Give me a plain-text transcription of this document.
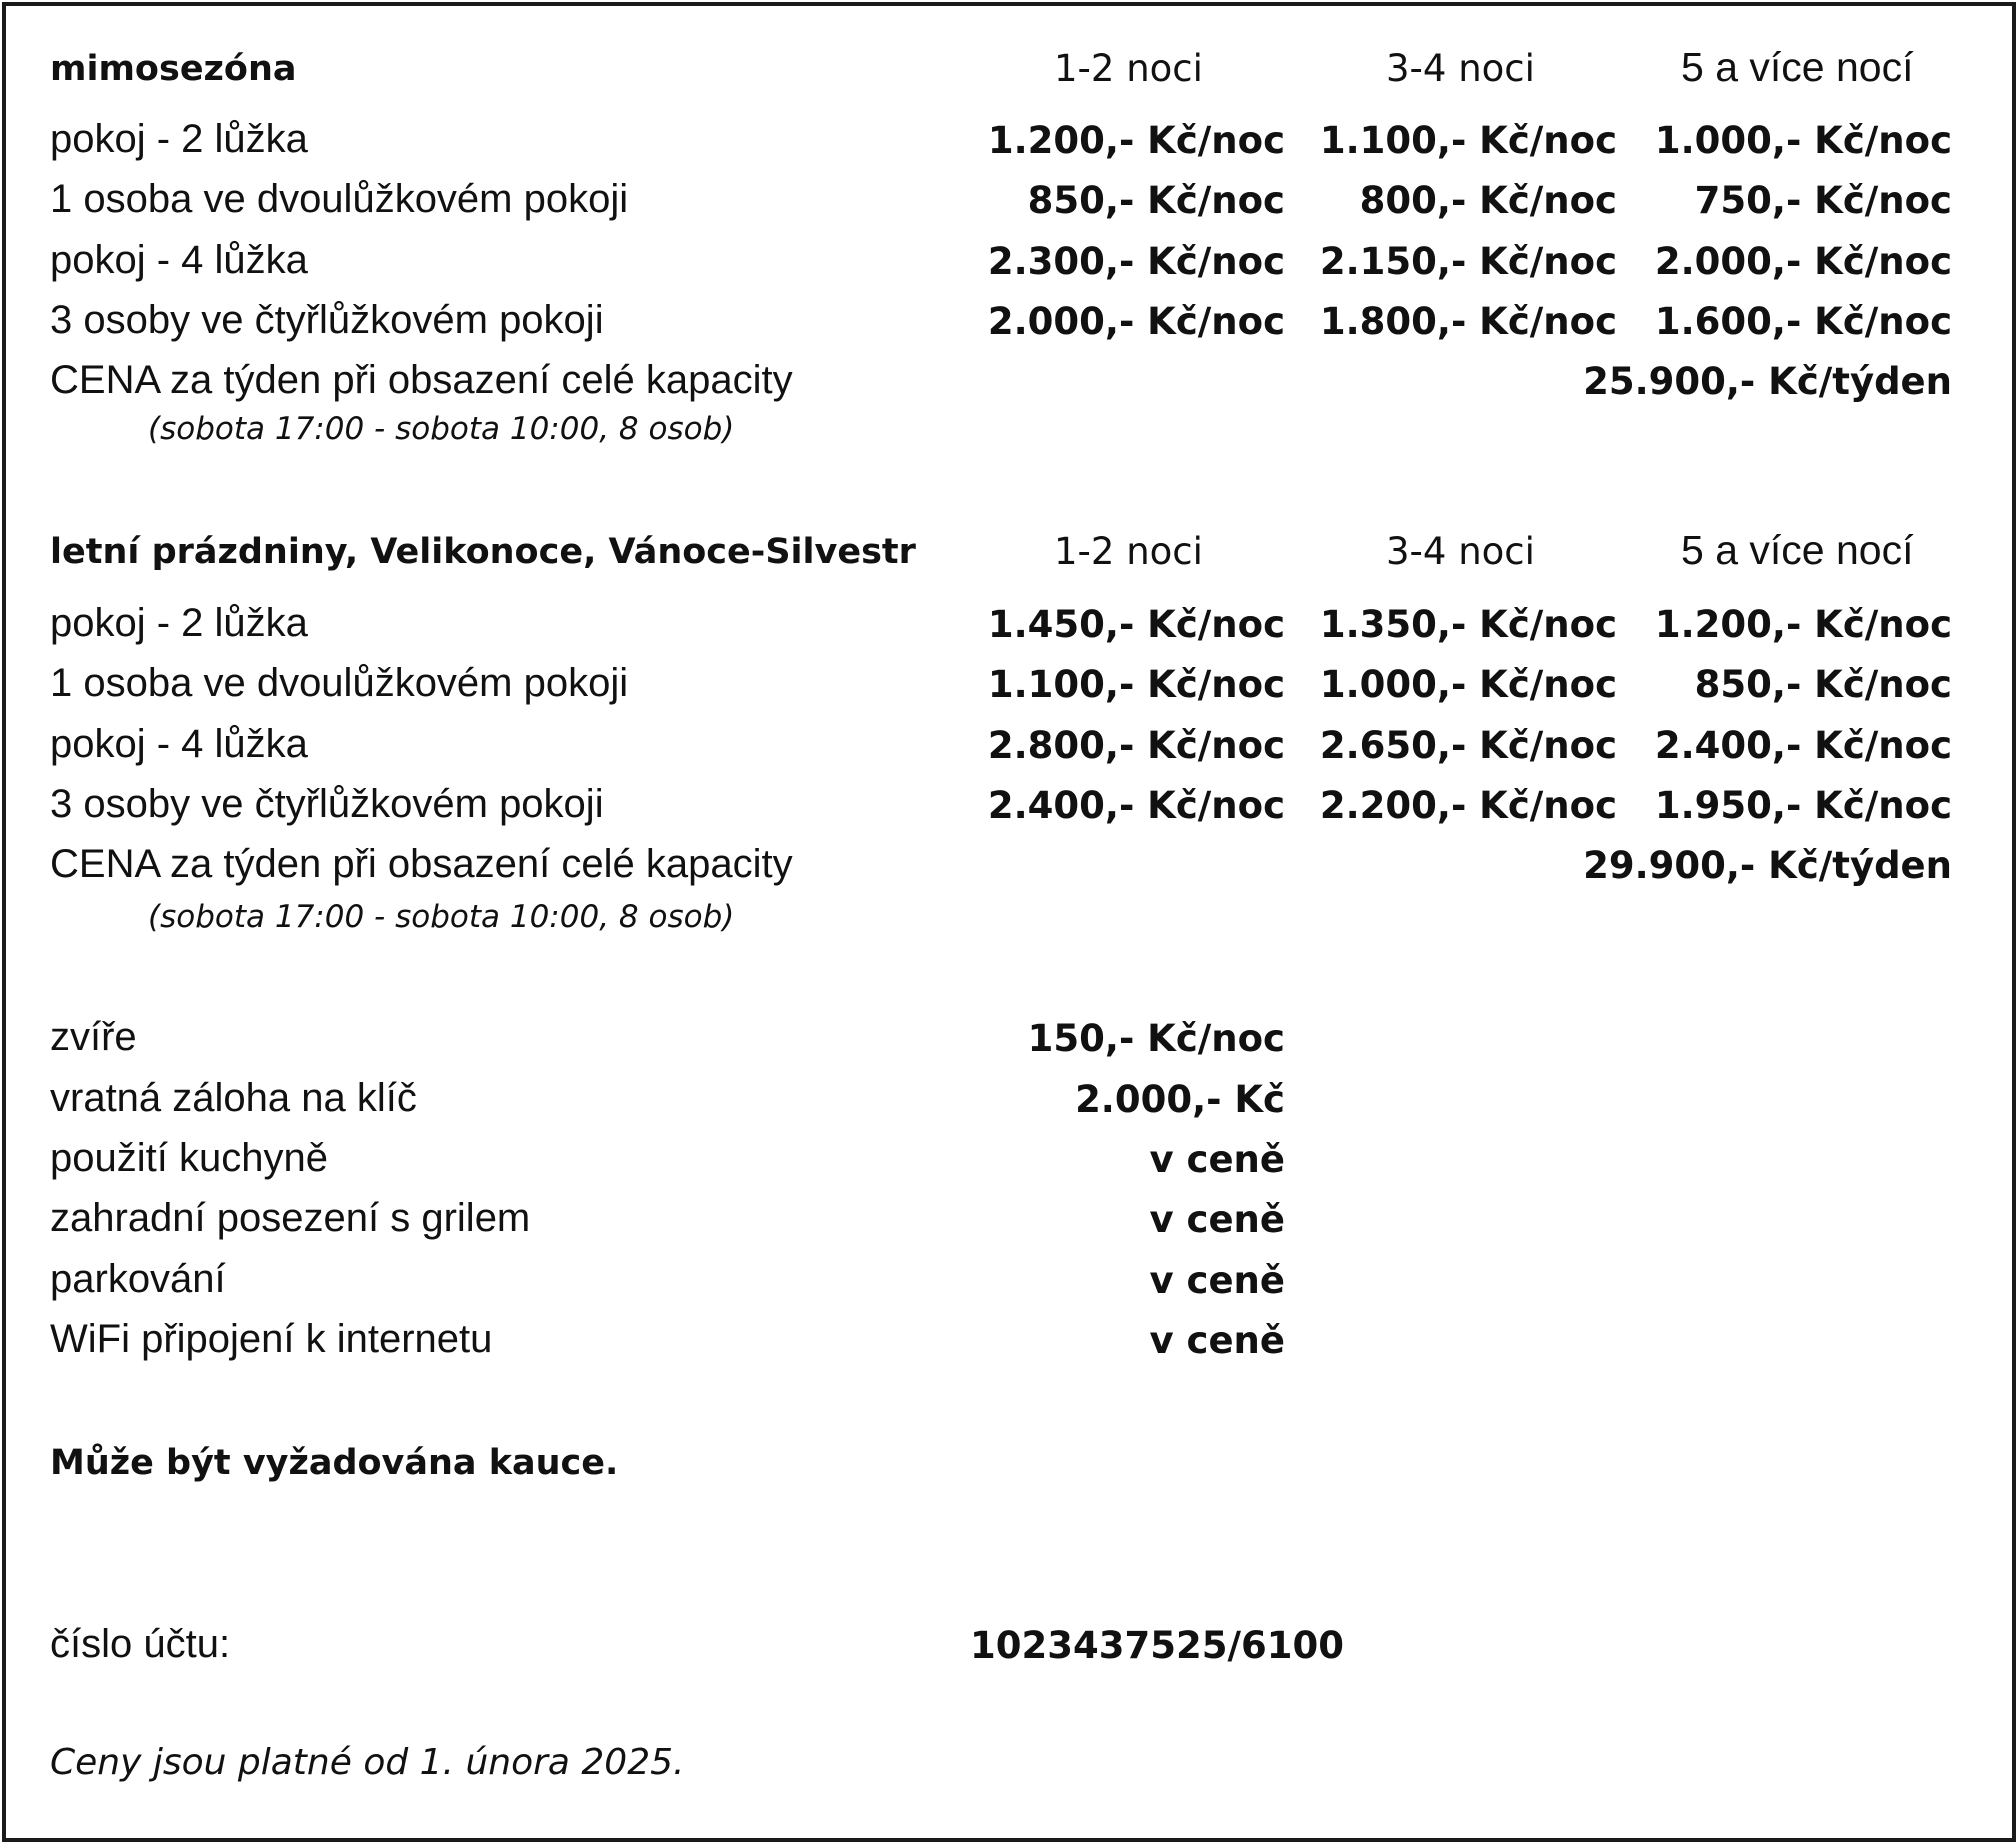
mimosezóna	1-2 noci	3-4 noci	5 a více nocí
pokoj - 2 lůžka	1.200,- Kč/noc 1.100,- Kč/noc 1.000,- Kč/noc
1 osoba ve dvoulůžkovém pokoji	850,- Kč/noc 800,- Kč/noc 750,- Kč/noc
pokoj - 4 lůžka	2.300,- Kč/noc 2.150,- Kč/noc 2.000,- Kč/noc
3 osoby ve čtyřlůžkovém pokoji	2.000,- Kč/noc 1.800,- Kč/noc 1.600,- Kč/noc
CENA za týden při obsazení celé kapacity	25.900,- Kč/týden
(sobota 17:00 - sobota 10:00, 8 osob)
letní prázdniny, Velikonoce, Vánoce-Silvestr	1-2 noci	3-4 noci	5 a více nocí
pokoj - 2 lůžka	1.450,- Kč/noc 1.350,- Kč/noc 1.200,- Kč/noc
1 osoba ve dvoulůžkovém pokoji	1.100,- Kč/noc 1.000,- Kč/noc 850,- Kč/noc
pokoj - 4 lůžka	2.800,- Kč/noc 2.650,- Kč/noc 2.400,- Kč/noc
3 osoby ve čtyřlůžkovém pokoji	2.400,- Kč/noc 2.200,- Kč/noc 1.950,- Kč/noc
CENA za týden při obsazení celé kapacity	29.900,- Kč/týden
(sobota 17:00 - sobota 10:00, 8 osob)
zvíře	150,- Kč/noc
vratná záloha na klíč	2.000,- Kč
použití kuchyně	v ceně
zahradní posezení s grilem	v ceně
parkování	v ceně
WiFi připojení k internetu	v ceně
Může být vyžadována kauce.
číslo účtu:	1023437525/6100
Ceny jsou platné od 1. února 2025.
